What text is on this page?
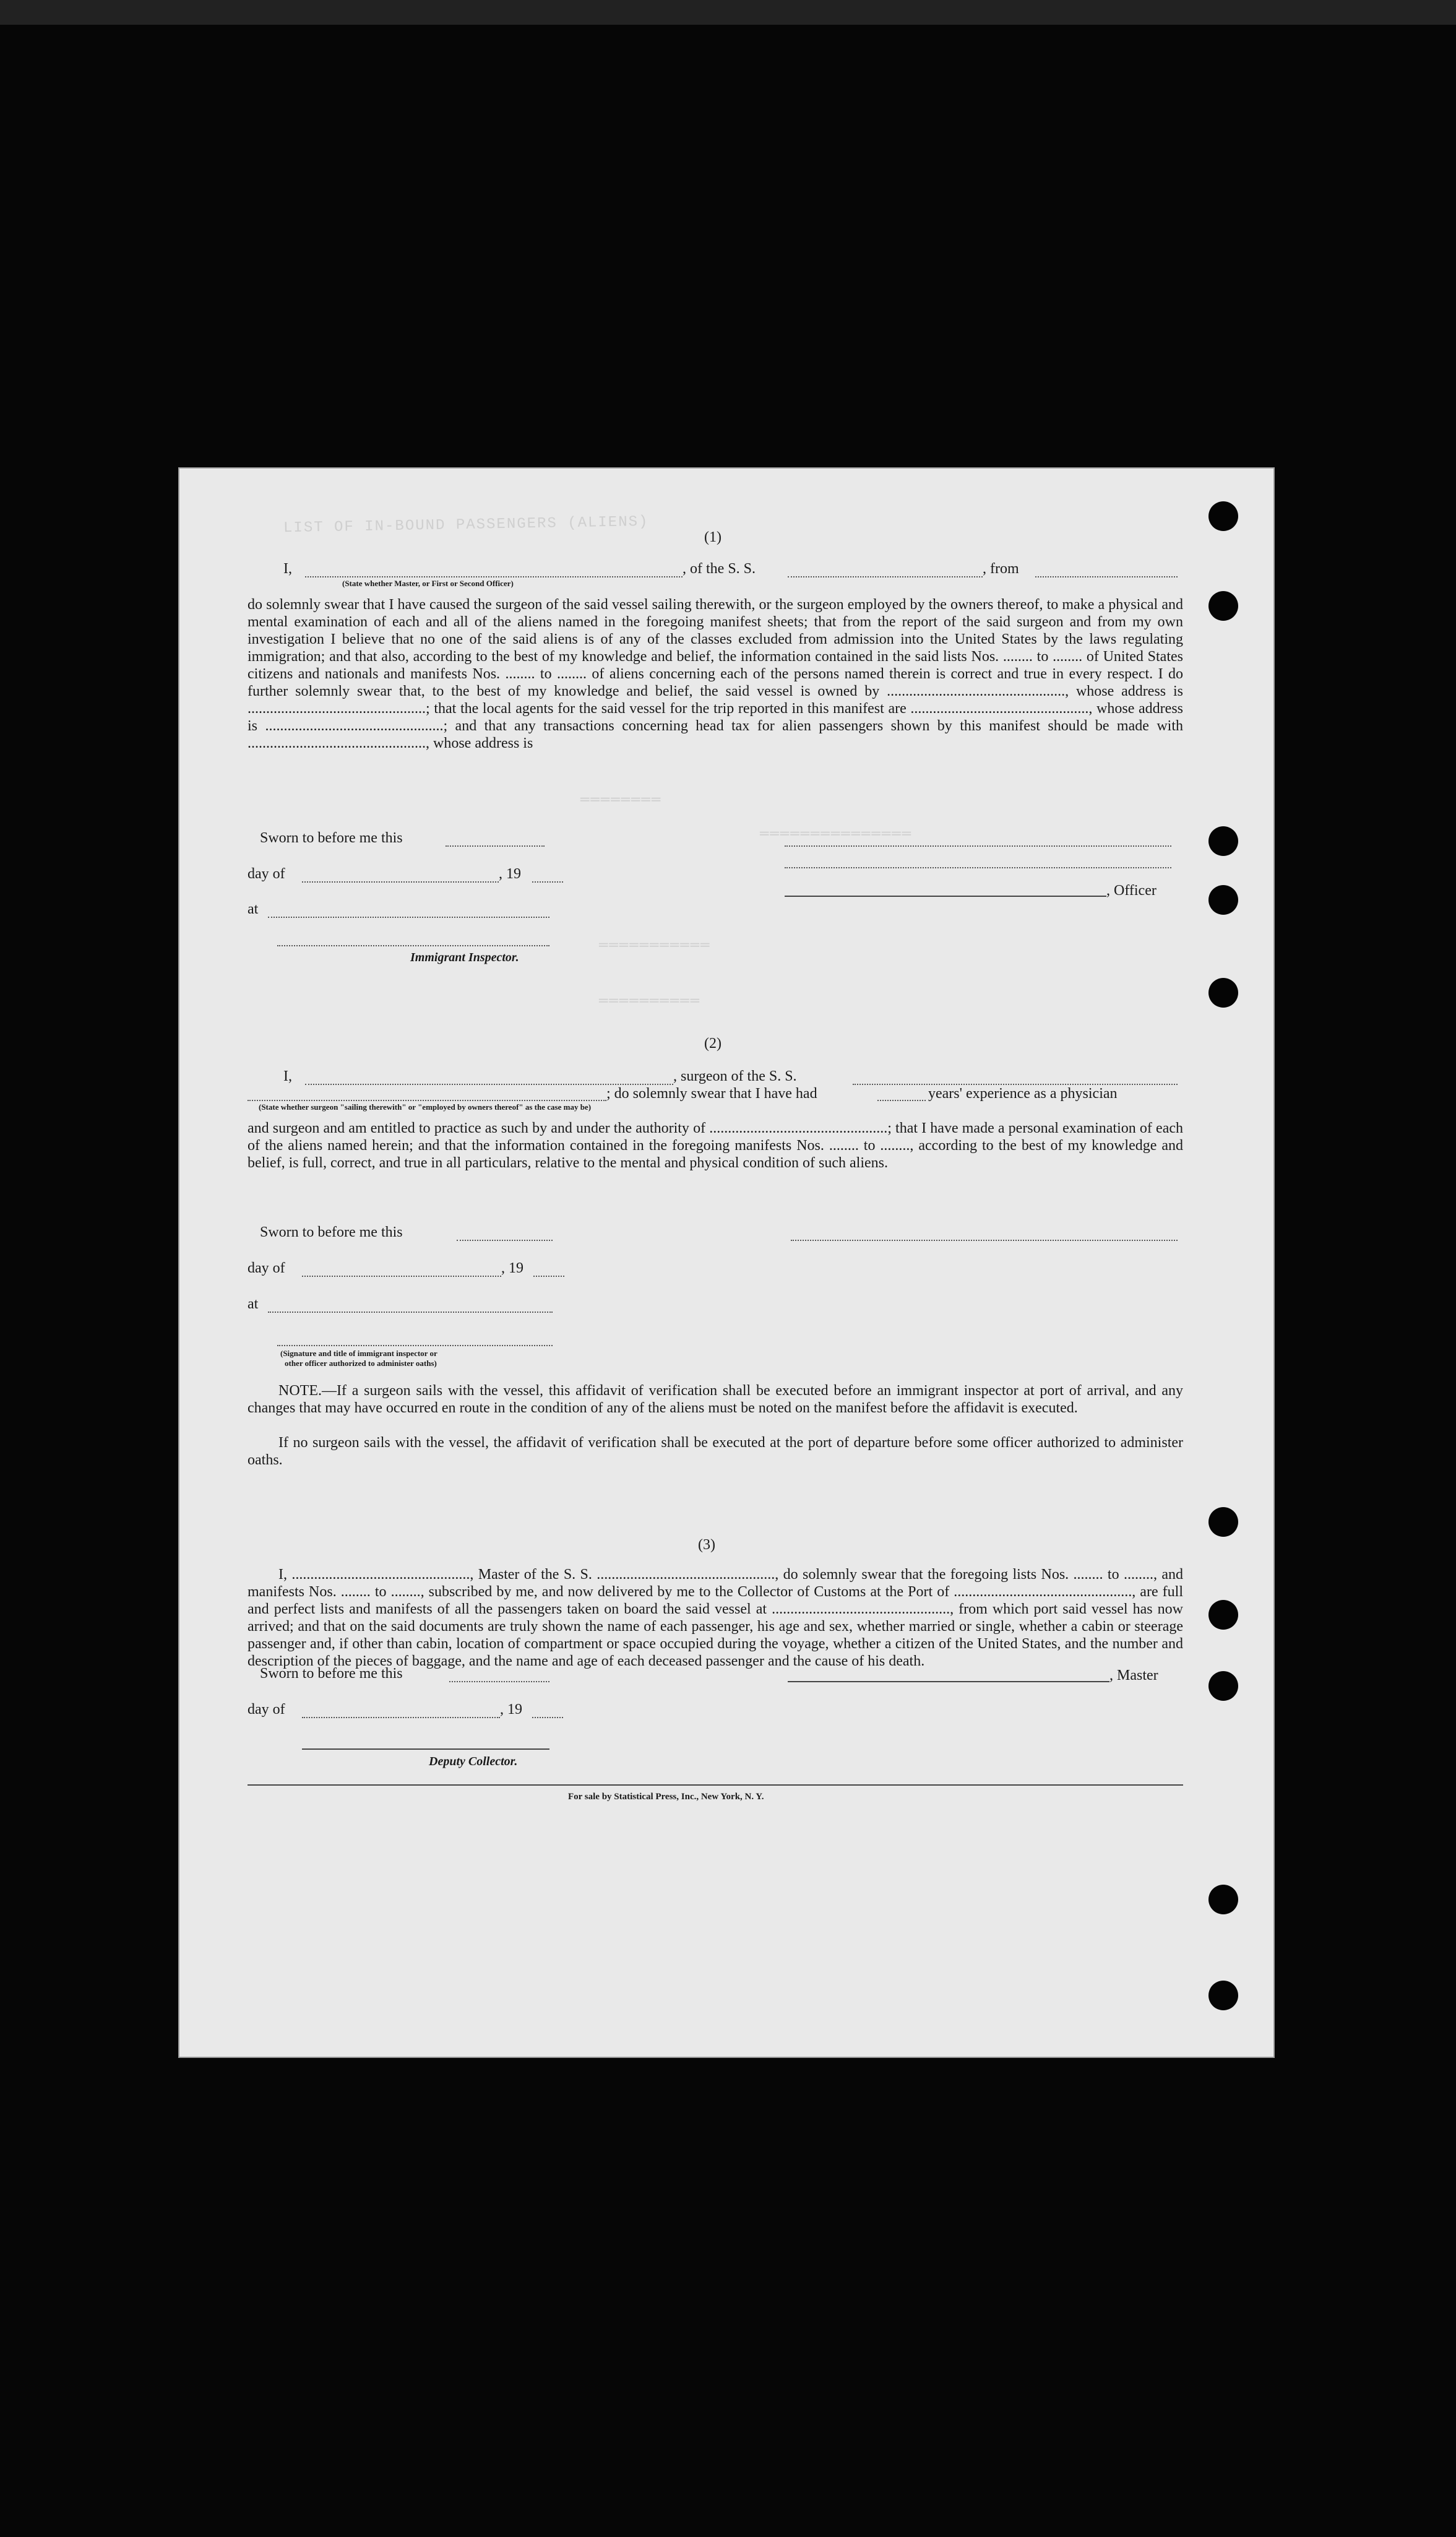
LIST OF IN-BOUND PASSENGERS (ALIENS)
═══════════════
════════
═══════════
══════════
(1)
I,
(State whether Master, or First or Second Officer)
, of the S. S.	, from
do solemnly swear that I have caused the surgeon of the said vessel sailing therewith, or the surgeon employed by the owners thereof, to make a physical and mental examination of each and all of the aliens named in the foregoing manifest sheets; that from the report of the said surgeon and from my own investigation I believe that no one of the said aliens is of any of the classes excluded from admission into the United States by the laws regulating immigration; and that also, according to the best of my knowledge and belief, the information contained in the said lists Nos. ........ to ........ of United States citizens and nationals and manifests Nos. ........ to ........ of aliens concerning each of the persons named therein is correct and true in every respect. I do further solemnly swear that, to the best of my knowledge and belief, the said vessel is owned by ................................................, whose address is ................................................; that the local agents for the said vessel for the trip reported in this manifest are ................................................, whose address is ................................................; and that any transactions concerning head tax for alien passengers shown by this manifest should be made with ................................................, whose address is
Sworn to before me this
day of	, 19
at
Immigrant Inspector.
, Officer
(2)
I,	, surgeon of the S. S.
; do solemnly swear that I have had	years' experience as a physician
(State whether surgeon "sailing therewith" or "employed by owners thereof" as the case may be)
and surgeon and am entitled to practice as such by and under the authority of ................................................; that I have made a personal examination of each of the aliens named herein; and that the information contained in the foregoing manifests Nos. ........ to ........, according to the best of my knowledge and belief, is full, correct, and true in all particulars, relative to the mental and physical condition of such aliens.
Sworn to before me this
day of	, 19
at
(Signature and title of immigrant inspector or
other officer authorized to administer oaths)
NOTE.—If a surgeon sails with the vessel, this affidavit of verification shall be executed before an immigrant inspector at port of arrival, and any changes that may have occurred en route in the condition of any of the aliens must be noted on the manifest before the affidavit is executed.
If no surgeon sails with the vessel, the affidavit of verification shall be executed at the port of departure before some officer authorized to administer oaths.
(3)
I, ................................................, Master of the S. S. ................................................, do solemnly swear that the foregoing lists Nos. ........ to ........, and manifests Nos. ........ to ........, subscribed by me, and now delivered by me to the Collector of Customs at the Port of ................................................, are full and perfect lists and manifests of all the passengers taken on board the said vessel at ................................................, from which port said vessel has now arrived; and that on the said documents are truly shown the name of each passenger, his age and sex, whether married or single, whether a cabin or steerage passenger and, if other than cabin, location of compartment or space occupied during the voyage, whether a citizen of the United States, and the number and description of the pieces of baggage, and the name and age of each deceased passenger and the cause of his death.
Sworn to before me this
day of	, 19
Deputy Collector.
, Master
For sale by Statistical Press, Inc., New York, N. Y.
